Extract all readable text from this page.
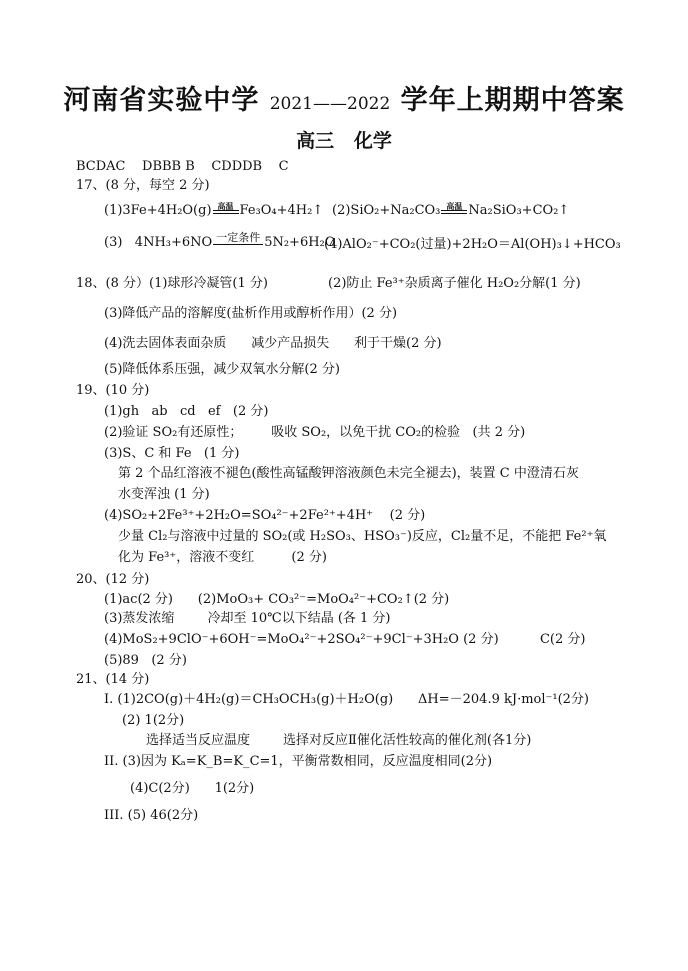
河南省实验中学 2021——2022 学年上期期中答案
高三   化学
BCDAC    DBBB B    CDDDB    C
17、(8 分，每空 2 分)
(1)3Fe+4H₂O(g) 高温 Fe₃O₄+4H₂↑ (2)SiO₂+Na₂CO₃ 高温 Na₂SiO₃+CO₂↑
(3)   4NH₃+6NO 一定条件 5N₂+6H₂O
(4)AlO₂⁻+CO₂(过量)+2H₂O＝Al(OH)₃↓+HCO₃
18、(8 分）(1)球形冷凝管(1 分)	(2)防止 Fe³⁺杂质离子催化 H₂O₂分解(1 分)
(3)降低产品的溶解度(盐析作用或醇析作用）(2 分)
(4)洗去固体表面杂质      减少产品损失      利于干燥(2 分)
(5)降低体系压强，减少双氧水分解(2 分)
19、(10 分)
(1)gh   ab   cd   ef   (2 分)
(2)验证 SO₂有还原性；       吸收 SO₂，以免干扰 CO₂的检验   (共 2 分)
(3)S、C 和 Fe   (1 分)
第 2 个品红溶液不褪色(酸性高锰酸钾溶液颜色未完全褪去)，装置 C 中澄清石灰
水变浑浊 (1 分)
(4)SO₂+2Fe³⁺+2H₂O=SO₄²⁻+2Fe²⁺+4H⁺    (2 分)
少量 Cl₂与溶液中过量的 SO₂(或 H₂SO₃、HSO₃⁻)反应，Cl₂量不足，不能把 Fe²⁺氧
化为 Fe³⁺，溶液不变红         (2 分)
20、(12 分)
(1)ac(2 分)      (2)MoO₃+ CO₃²⁻=MoO₄²⁻+CO₂↑(2 分)
(3)蒸发浓缩        冷却至 10℃以下结晶 (各 1 分)
(4)MoS₂+9ClO⁻+6OH⁻=MoO₄²⁻+2SO₄²⁻+9Cl⁻+3H₂O (2 分)          C(2 分)
(5)89   (2 分)
21、(14 分)
I. (1)2CO(g)＋4H₂(g)＝CH₃OCH₃(g)＋H₂O(g)      ΔH=－204.9 kJ·mol⁻¹(2分)
(2) 1(2分)
选择适当反应温度        选择对反应Ⅱ催化活性较高的催化剂(各1分)
II. (3)因为 Kₐ=K_B=K_C=1，平衡常数相同，反应温度相同(2分)
(4)C(2分)      1(2分)
III. (5) 46(2分)
